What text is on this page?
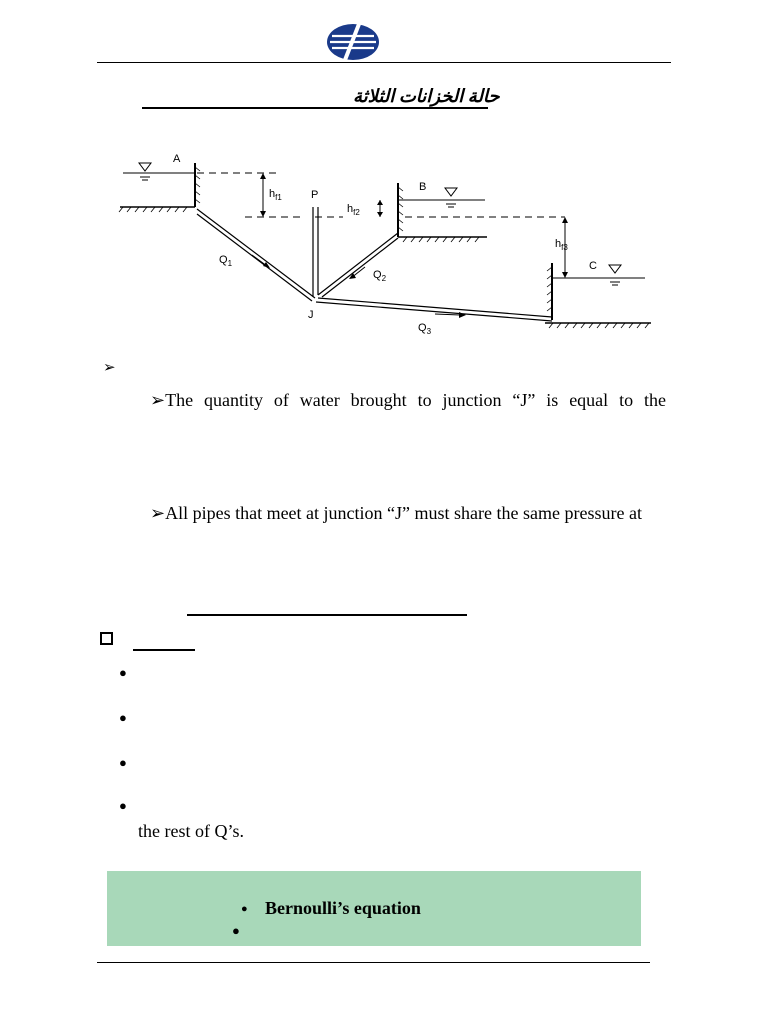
حالة الخزانات الثلاثة
A
$h_{f1}$
$Q_1$
P
$h_{f2}$
B
$Q_2$
$h_{f3}$
C
$Q_3$
J
➢
➢The quantity of water brought to junction “J” is equal to the
➢All pipes that meet at junction “J” must share the same pressure at
●
●
●
●
the rest of Q’s.
● Bernoulli’s equation
●
